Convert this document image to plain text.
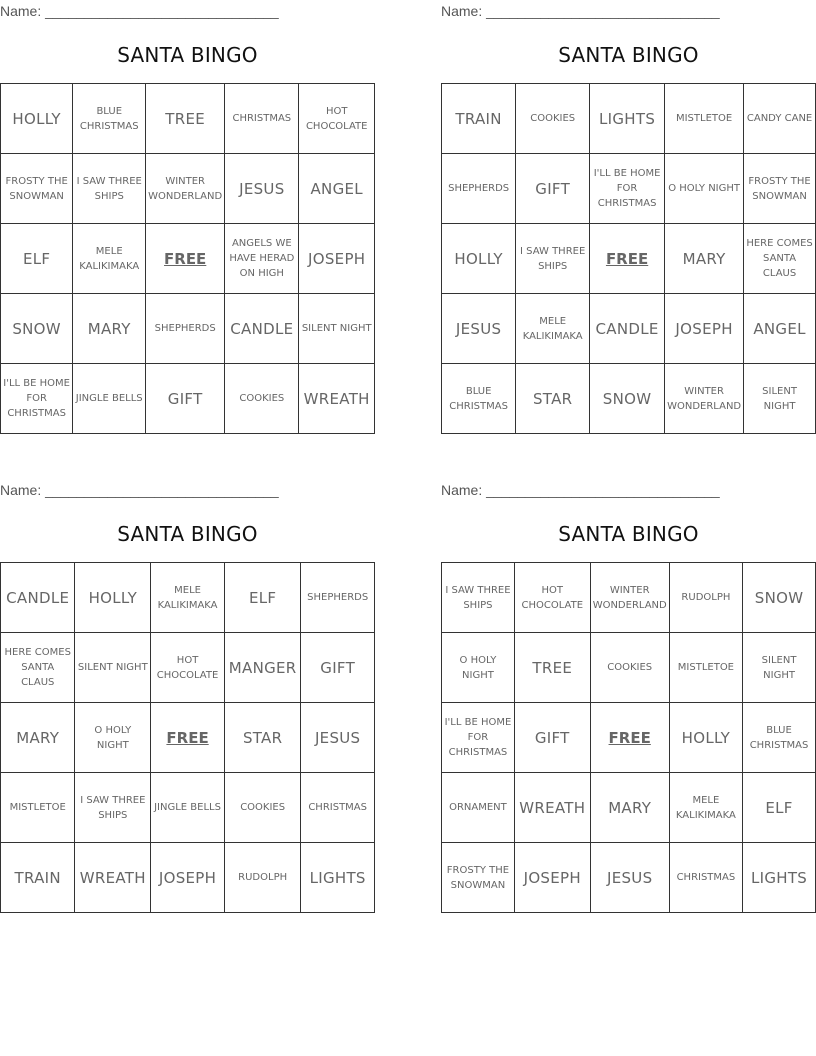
Name: ______________________________
SANTA BINGO
HOLLY	BLUE CHRISTMAS	TREE	CHRISTMAS	HOT CHOCOLATE
FROSTY THE SNOWMAN	I SAW THREE SHIPS	WINTER WONDERLAND	JESUS	ANGEL
ELF	MELE KALIKIMAKA	FREE	ANGELS WE HAVE HERAD ON HIGH	JOSEPH
SNOW	MARY	SHEPHERDS	CANDLE	SILENT NIGHT
I'LL BE HOME FOR CHRISTMAS	JINGLE BELLS	GIFT	COOKIES	WREATH
Name: ______________________________
SANTA BINGO
TRAIN	COOKIES	LIGHTS	MISTLETOE	CANDY CANE
SHEPHERDS	GIFT	I'LL BE HOME FOR CHRISTMAS	O HOLY NIGHT	FROSTY THE SNOWMAN
HOLLY	I SAW THREE SHIPS	FREE	MARY	HERE COMES SANTA CLAUS
JESUS	MELE KALIKIMAKA	CANDLE	JOSEPH	ANGEL
BLUE CHRISTMAS	STAR	SNOW	WINTER WONDERLAND	SILENT NIGHT
Name: ______________________________
SANTA BINGO
CANDLE	HOLLY	MELE KALIKIMAKA	ELF	SHEPHERDS
HERE COMES SANTA CLAUS	SILENT NIGHT	HOT CHOCOLATE	MANGER	GIFT
MARY	O HOLY NIGHT	FREE	STAR	JESUS
MISTLETOE	I SAW THREE SHIPS	JINGLE BELLS	COOKIES	CHRISTMAS
TRAIN	WREATH	JOSEPH	RUDOLPH	LIGHTS
Name: ______________________________
SANTA BINGO
I SAW THREE SHIPS	HOT CHOCOLATE	WINTER WONDERLAND	RUDOLPH	SNOW
O HOLY NIGHT	TREE	COOKIES	MISTLETOE	SILENT NIGHT
I'LL BE HOME FOR CHRISTMAS	GIFT	FREE	HOLLY	BLUE CHRISTMAS
ORNAMENT	WREATH	MARY	MELE KALIKIMAKA	ELF
FROSTY THE SNOWMAN	JOSEPH	JESUS	CHRISTMAS	LIGHTS
